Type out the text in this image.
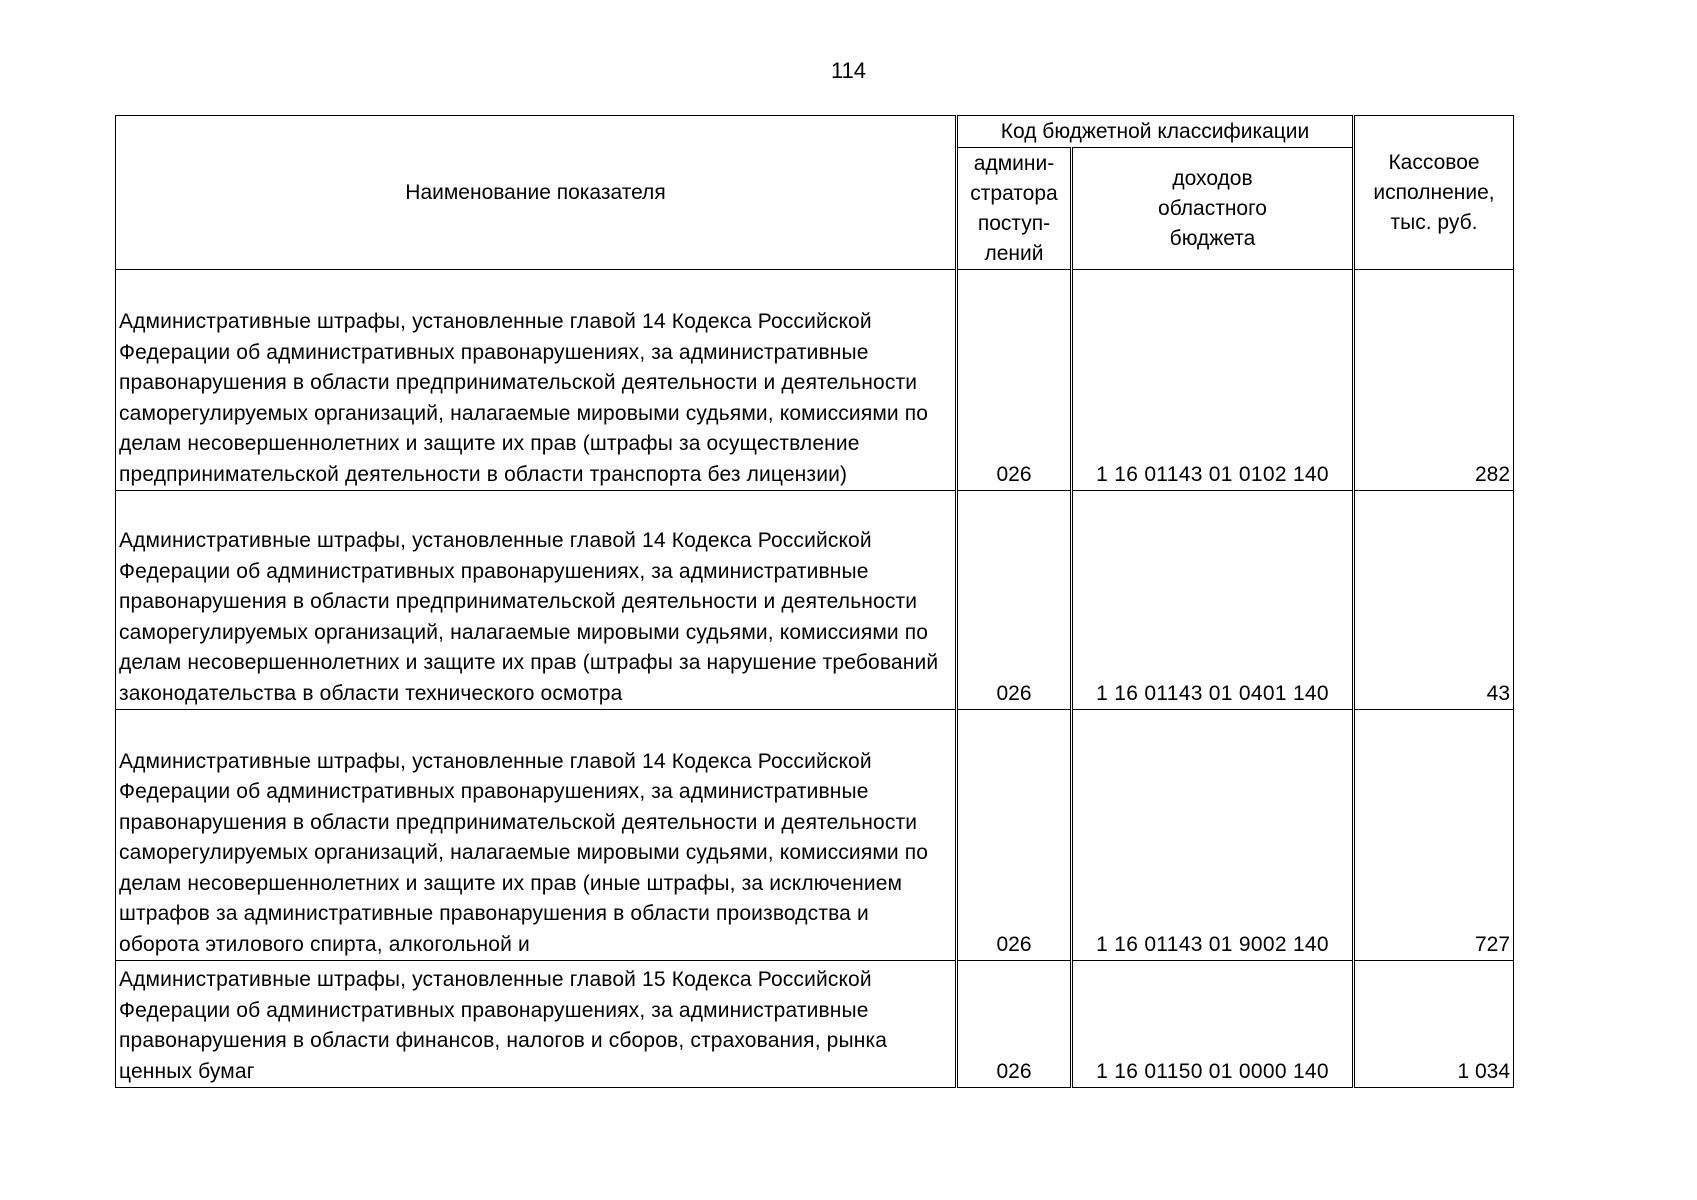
114
Наименование показателя	Код бюджетной классификации		Кассовое исполнение, тыс. руб.
	админи-стратора поступ-лений	доходов областного бюджета	
Административные штрафы, установленные главой 14 Кодекса Российской Федерации об административных правонарушениях, за административные правонарушения в области предпринимательской деятельности и деятельности саморегулируемых организаций, налагаемые мировыми судьями, комиссиями по делам несовершеннолетних и защите их прав (штрафы за осуществление предпринимательской деятельности в области транспорта без лицензии)	026	1 16 01143 01 0102 140	282
Административные штрафы, установленные главой 14 Кодекса Российской Федерации об административных правонарушениях, за административные правонарушения в области предпринимательской деятельности и деятельности саморегулируемых организаций, налагаемые мировыми судьями, комиссиями по делам несовершеннолетних и защите их прав (штрафы за нарушение требований законодательства в области технического осмотра	026	1 16 01143 01 0401 140	43
Административные штрафы, установленные главой 14 Кодекса Российской Федерации об административных правонарушениях, за административные правонарушения в области предпринимательской деятельности и деятельности саморегулируемых организаций, налагаемые мировыми судьями, комиссиями по делам несовершеннолетних и защите их прав (иные штрафы, за исключением штрафов за административные правонарушения в области производства и оборота этилового спирта, алкогольной и	026	1 16 01143 01 9002 140	727
Административные штрафы, установленные главой 15 Кодекса Российской Федерации об административных правонарушениях, за административные правонарушения в области финансов, налогов и сборов, страхования, рынка ценных бумаг	026	1 16 01150 01 0000 140	1 034
